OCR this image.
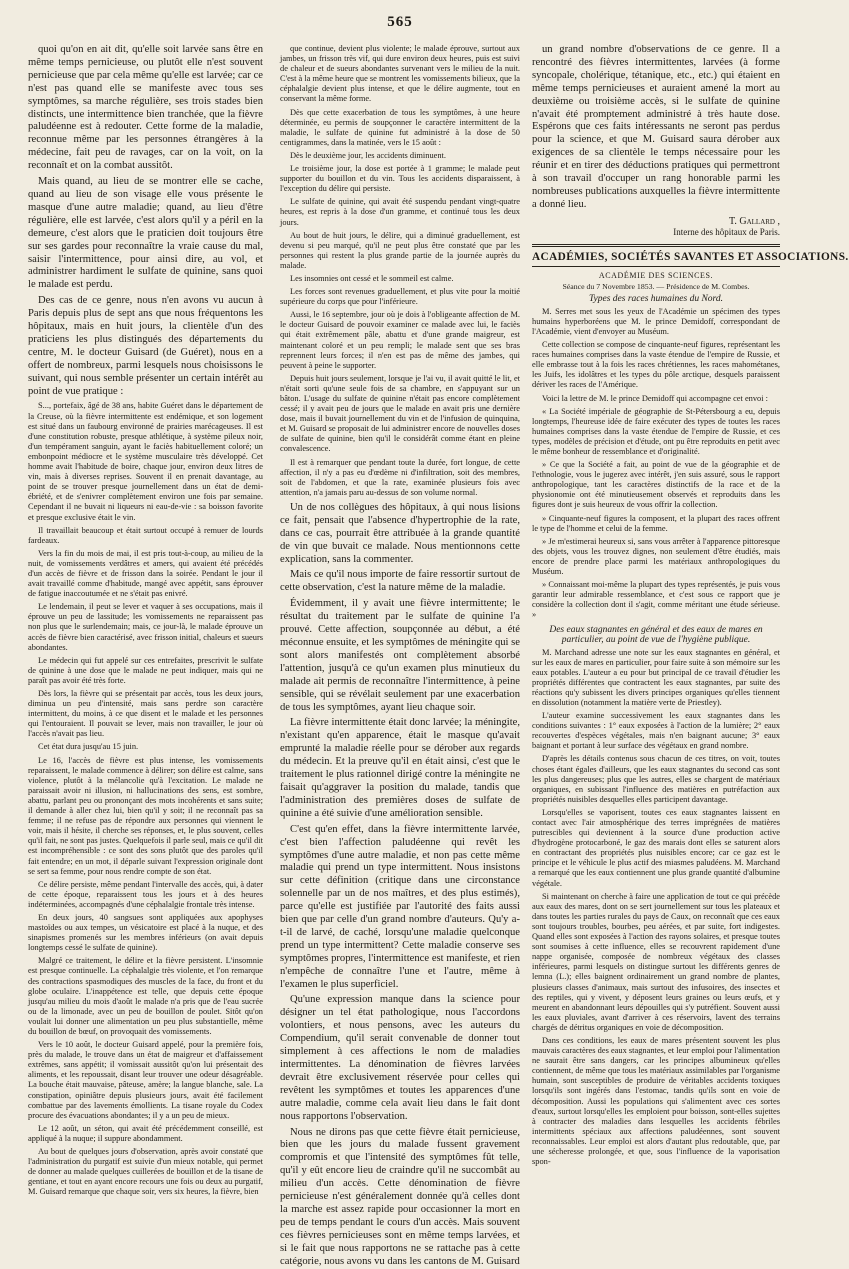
565

quoi qu'on en ait dit, qu'elle soit larvée sans être en même temps pernicieuse, ou plutôt elle n'est souvent pernicieuse que par cela même qu'elle est larvée; car ce n'est pas quand elle se manifeste avec tous ses symptômes, sa marche régulière, ses trois stades bien distincts, une intermittence bien tranchée, que la fièvre paludéenne est à redouter. Cette forme de la maladie, reconnue même par les personnes étrangères à la médecine, fait peu de ravages, car on la voit, on la reconnaît et on la combat aussitôt.

Mais quand, au lieu de se montrer elle se cache, quand au lieu de son visage elle vous présente le masque d'une autre maladie; quand, au lieu d'être régulière, elle est larvée, c'est alors qu'il y a péril en la demeure, c'est alors que le praticien doit toujours être sur ses gardes pour reconnaître la vraie cause du mal, saisir l'intermittence, pour ainsi dire, au vol, et administrer hardiment le sulfate de quinine, sans quoi le malade est perdu.

Des cas de ce genre, nous n'en avons vu aucun à Paris depuis plus de sept ans que nous fréquentons les hôpitaux, mais en huit jours, la clientèle d'un des praticiens les plus distingués des départements du centre, M. le docteur Guisard (de Guéret), nous en a offert de nombreux, parmi lesquels nous choisissons le suivant, qui nous semble présenter un certain intérêt au point de vue pratique :

S..., portefaix, âgé de 38 ans, habite Guéret dans le département de la Creuse, où la fièvre intermittente est endémique, et son logement est situé dans un faubourg environné de prairies marécageuses. Il est d'une constitution robuste, presque athlétique, à système pileux noir, d'un tempérament sanguin, ayant le faciès habituellement coloré; un embonpoint médiocre et le système musculaire très développé. Cet homme avait l'habitude de boire, chaque jour, environ deux litres de vin, mais à diverses reprises. Souvent il en prenait davantage, au point de se trouver presque journellement dans un état de demi-ébriété, et de s'enivrer complètement environ une fois par semaine. Cependant il ne buvait ni liqueurs ni eau-de-vie : sa boisson favorite et presque exclusive était le vin.

Il travaillait beaucoup et était surtout occupé à remuer de lourds fardeaux.

Vers la fin du mois de mai, il est pris tout-à-coup, au milieu de la nuit, de vomissements verdâtres et amers, qui avaient été précédés d'un accès de fièvre et de frisson dans la soirée. Pendant le jour il avait travaillé comme d'habitude, mangé avec appétit, sans éprouver de fatigue inaccoutumée et ne s'était pas enivré.

Le lendemain, il peut se lever et vaquer à ses occupations, mais il éprouve un peu de lassitude; les vomissements ne reparaissent pas non plus que le surlendemain; mais, ce jour-là, le malade éprouve un accès de fièvre bien caractérisé, avec frisson initial, chaleurs et sueurs abondantes.

Le médecin qui fut appelé sur ces entrefaites, prescrivit le sulfate de quinine à une dose que le malade ne peut indiquer, mais qui ne paraît pas avoir été très forte.

Dès lors, la fièvre qui se présentait par accès, tous les deux jours, diminua un peu d'intensité, mais sans perdre son caractère intermittent, du moins, à ce que disent et le malade et les personnes qui l'entouraient. Il pouvait se lever, mais non travailler, le jour où l'accès n'avait pas lieu.

Cet état dura jusqu'au 15 juin.

Le 16, l'accès de fièvre est plus intense, les vomissements reparaissent, le malade commence à délirer; son délire est calme, sans violence, plutôt à la mélancolie qu'à l'excitation. Le malade ne paraissait avoir ni illusion, ni hallucinations des sens, est sombre, abattu, parlant peu ou prononçant des mots incohérents et sans suite; il demande à aller chez lui, bien qu'il y soit; il ne reconnaît pas sa femme; il ne refuse pas de répondre aux personnes qui viennent le voir, mais il hésite, il cherche ses réponses, et, le plus souvent, celles qu'il fait, ne sont pas justes. Quelquefois il parle seul, mais ce qu'il dit est incompréhensible : ce sont des sons plutôt que des paroles qu'il fait entendre; en un mot, il déparle suivant l'expression originale dont se sert sa femme, pour nous rendre compte de son état.

Ce délire persiste, même pendant l'intervalle des accès, qui, à dater de cette époque, reparaissent tous les jours et à des heures indéterminées, accompagnés d'une céphalalgie frontale très intense.

En deux jours, 40 sangsues sont appliquées aux apophyses mastoïdes ou aux tempes, un vésicatoire est placé à la nuque, et des sinapismes promenés sur les membres inférieurs (on avait depuis longtemps cessé le sulfate de quinine).

Malgré ce traitement, le délire et la fièvre persistent. L'insomnie est presque continuelle. La céphalalgie très violente, et l'on remarque des contractions spasmodiques des muscles de la face, du front et du globe oculaire. L'inappétence est telle, que depuis cette époque jusqu'au milieu du mois d'août le malade n'a pris que de l'eau sucrée ou de la limonade, avec un peu de bouillon de poulet. Sitôt qu'on voulait lui donner une alimentation un peu plus substantielle, même du bouillon de bœuf, on provoquait des vomissements.

Vers le 10 août, le docteur Guisard appelé, pour la première fois, près du malade, le trouve dans un état de maigreur et d'affaissement extrêmes, sans appétit; il vomissait aussitôt qu'on lui présentait des aliments, et les repoussait, disant leur trouver une odeur désagréable. La bouche était mauvaise, pâteuse, amère; la langue blanche, sale. La constipation, opiniâtre depuis plusieurs jours, avait été facilement combattue par des lavements émollients. La tisane royale du Codex procure des évacuations abondantes; il y a un peu de mieux.

Le 12 août, un séton, qui avait été précédemment conseillé, est appliqué à la nuque; il suppure abondamment.

Au bout de quelques jours d'observation, après avoir constaté que l'administration du purgatif est suivie d'un mieux notable, qui permet de donner au malade quelques cuillerées de bouillon et de la tisane de gentiane, et tout en ayant encore recours une fois ou deux au purgatif, M. Guisard remarque que chaque soir, vers six heures, la fièvre, bien

que continue, devient plus violente; le malade éprouve, surtout aux jambes, un frisson très vif, qui dure environ deux heures, puis est suivi de chaleur et de sueurs abondantes survenant vers le milieu de la nuit. C'est à la même heure que se montrent les vomissements bilieux, que la céphalalgie devient plus intense, et que le délire augmente, tout en conservant la même forme.

Dès que cette exacerbation de tous les symptômes, à une heure déterminée, eu permis de soupçonner le caractère intermittent de la maladie, le sulfate de quinine fut administré à la dose de 50 centigrammes, dans la matinée, vers le 15 août :

Dès le deuxième jour, les accidents diminuent.

Le troisième jour, la dose est portée à 1 gramme; le malade peut supporter du bouillon et du vin. Tous les accidents disparaissent, à l'exception du délire qui persiste.

Le sulfate de quinine, qui avait été suspendu pendant vingt-quatre heures, est repris à la dose d'un gramme, et continué tous les deux jours.

Au bout de huit jours, le délire, qui a diminué graduellement, est devenu si peu marqué, qu'il ne peut plus être constaté que par les personnes qui restent la plus grande partie de la journée auprès du malade.

Les insomnies ont cessé et le sommeil est calme.

Les forces sont revenues graduellement, et plus vite pour la moitié supérieure du corps que pour l'inférieure.

Aussi, le 16 septembre, jour où je dois à l'obligeante affection de M. le docteur Guisard de pouvoir examiner ce malade avec lui, le faciès qui était extrêmement pâle, abattu et d'une grande maigreur, est maintenant coloré et un peu rempli; le malade sent que ses bras reprennent leurs forces; il n'en est pas de même des jambes, qui peuvent à peine le supporter.

Depuis huit jours seulement, lorsque je l'ai vu, il avait quitté le lit, et n'était sorti qu'une seule fois de sa chambre, en s'appuyant sur un bâton. L'usage du sulfate de quinine n'était pas encore complètement cessé; il y avait peu de jours que le malade en avait pris une dernière dose, mais il buvait journellement du vin et de l'infusion de quinquina, et M. Guisard se proposait de lui administrer encore de nouvelles doses de sulfate de quinine, bien qu'il le considérât comme étant en pleine convalescence.

Il est à remarquer que pendant toute la durée, fort longue, de cette affection, il n'y a pas eu d'œdème ni d'infiltration, soit des membres, soit de l'abdomen, et que la rate, examinée plusieurs fois avec attention, n'a jamais paru au-dessus de son volume normal.

Un de nos collègues des hôpitaux, à qui nous lisions ce fait, pensait que l'absence d'hypertrophie de la rate, dans ce cas, pourrait être attribuée à la grande quantité de vin que buvait ce malade. Nous mentionnons cette explication, sans la commenter.

Mais ce qu'il nous importe de faire ressortir surtout de cette observation, c'est la nature même de la maladie.

Évidemment, il y avait une fièvre intermittente; le résultat du traitement par le sulfate de quinine l'a prouvé. Cette affection, soupçonnée au début, a été méconnue ensuite, et les symptômes de méningite qui se sont alors manifestés ont complètement absorbé l'attention, jusqu'à ce qu'un examen plus minutieux du malade ait permis de reconnaître l'intermittence, à peine sensible, qui se révélait seulement par une exacerbation de tous les symptômes, ayant lieu chaque soir.

La fièvre intermittente était donc larvée; la méningite, n'existant qu'en apparence, était le masque qu'avait emprunté la maladie réelle pour se dérober aux regards du médecin. Et la preuve qu'il en était ainsi, c'est que le traitement le plus rationnel dirigé contre la méningite ne faisait qu'aggraver la position du malade, tandis que l'administration des premières doses de sulfate de quinine a été suivie d'une amélioration sensible.

C'est qu'en effet, dans la fièvre intermittente larvée, c'est bien l'affection paludéenne qui revêt les symptômes d'une autre maladie, et non pas cette même maladie qui prend un type intermittent. Nous insistons sur cette définition (critique dans une circonstance solennelle par un de nos maîtres, et des plus estimés), parce qu'elle est justifiée par l'autorité des faits aussi bien que par celle d'un grand nombre d'auteurs. Qu'y a-t-il de larvé, de caché, lorsqu'une maladie quelconque prend un type intermittent? Cette maladie conserve ses symptômes propres, l'intermittence est manifeste, et rien n'empêche de connaître l'une et l'autre, même à l'examen le plus superficiel.

Qu'une expression manque dans la science pour désigner un tel état pathologique, nous l'accordons volontiers, et nous pensons, avec les auteurs du Compendium, qu'il serait convenable de donner tout simplement à ces affections le nom de maladies intermittentes. La dénomination de fièvres larvées devrait être exclusivement réservée pour celles qui revêtent les symptômes et toutes les apparences d'une autre maladie, comme cela avait lieu dans le fait dont nous rapportons l'observation.

Nous ne dirons pas que cette fièvre était pernicieuse, bien que les jours du malade fussent gravement compromis et que l'intensité des symptômes fût telle, qu'il y eût encore lieu de craindre qu'il ne succombât au milieu d'un accès. Cette dénomination de fièvre pernicieuse n'est généralement donnée qu'à celles dont la marche est assez rapide pour occasionner la mort en peu de temps pendant le cours d'un accès. Mais souvent ces fièvres pernicieuses sont en même temps larvées, et si le fait que nous rapportons ne se rattache pas à cette catégorie, nous avons vu dans les cantons de M. Guisard

un grand nombre d'observations de ce genre. Il a rencontré des fièvres intermittentes, larvées (à forme syncopale, cholérique, tétanique, etc., etc.) qui étaient en même temps pernicieuses et auraient amené la mort au deuxième ou troisième accès, si le sulfate de quinine n'avait été promptement administré à très haute dose. Espérons que ces faits intéressants ne seront pas perdus pour la science, et que M. Guisard saura dérober aux exigences de sa clientèle le temps nécessaire pour les réunir et en tirer des déductions pratiques qui permettront à son travail d'occuper un rang honorable parmi les nombreuses publications auxquelles la fièvre intermittente a donné lieu.

T. Gallard ,
Interne des hôpitaux de Paris.
ACADÉMIES, SOCIÉTÉS SAVANTES ET ASSOCIATIONS.
ACADÉMIE DES SCIENCES.
Séance du 7 Novembre 1853. — Présidence de M. Combes.
Types des races humaines du Nord.

M. Serres met sous les yeux de l'Académie un spécimen des types humains hyperboréens que M. le prince Demidoff, correspondant de l'Académie, vient d'envoyer au Muséum.

Cette collection se compose de cinquante-neuf figures, représentant les races humaines comprises dans la vaste étendue de l'empire de Russie, et elle embrasse tout à la fois les races chrétiennes, les races mahométanes, les Juifs, les idolâtres et les types du pôle arctique, desquels paraissent dériver les races de l'Amérique.

Voici la lettre de M. le prince Demidoff qui accompagne cet envoi :

« La Société impériale de géographie de St-Pétersbourg a eu, depuis longtemps, l'heureuse idée de faire exécuter des types de toutes les races humaines comprises dans la vaste étendue de l'empire de Russie, et ces types, modèles de précision et d'étude, ont pu être reproduits en petit avec le même bonheur de ressemblance et d'originalité.

» Ce que la Société a fait, au point de vue de la géographie et de l'ethnologie, vous le jugerez avec intérêt, j'en suis assuré, sous le rapport anthropologique, tant les caractères distinctifs de la race et de la physionomie ont été minutieusement observés et reproduits dans les figures dont je suis heureux de vous offrir la collection.

» Cinquante-neuf figures la composent, et la plupart des races offrent le type de l'homme et celui de la femme.

» Je m'estimerai heureux si, sans vous arrêter à l'apparence pittoresque des objets, vous les trouvez dignes, non seulement d'être étudiés, mais encore de prendre place parmi les matériaux anthropologiques du Muséum.

» Connaissant moi-même la plupart des types représentés, je puis vous garantir leur admirable ressemblance, et c'est sous ce rapport que je considère la collection dont il s'agit, comme méritant une étude sérieuse. »

Des eaux stagnantes en général et des eaux de mares en particulier, au point de vue de l'hygiène publique.

M. Marchand adresse une note sur les eaux stagnantes en général, et sur les eaux de mares en particulier, pour faire suite à son mémoire sur les eaux potables. L'auteur a eu pour but principal de ce travail d'étudier les propriétés différentes que contractent les eaux stagnantes, par suite des réactions qu'y subissent les divers principes organiques qu'elles tiennent en dissolution (notamment la matière verte de Priestley).

L'auteur examine successivement les eaux stagnantes dans les conditions suivantes : 1° eaux exposées à l'action de la lumière; 2° eaux recouvertes d'espèces végétales, mais n'en baignant aucune; 3° eaux baignant et portant à leur surface des végétaux en grand nombre.

D'après les détails contenus sous chacun de ces titres, on voit, toutes choses étant égales d'ailleurs, que les eaux stagnantes du second cas sont les plus dangereuses; plus que les autres, elles se chargent de matériaux organiques, en subissant l'influence des matières en putréfaction aux propriétés nuisibles desquelles elles participent davantage.

Lorsqu'elles se vaporisent, toutes ces eaux stagnantes laissent en contact avec l'air atmosphérique des terres imprégnées de matières putrescibles qui deviennent à la source d'une production active d'hydrogène protocarboné, le gaz des marais dont elles se saturent alors en contractant des propriétés plus nuisibles encore; car ce gaz est le principe et le véhicule le plus actif des miasmes paludéens. M. Marchand a remarqué que les eaux contiennent une plus grande quantité d'albumine végétale.

Si maintenant on cherche à faire une application de tout ce qui précède aux eaux des mares, dont on se sert journellement sur tous les plateaux et dans toutes les parties rurales du pays de Caux, on reconnaît que ces eaux sont toujours troubles, bourbes, peu aérées, et par suite, fort indigestes. Quand elles sont exposées à l'action des rayons solaires, et presque toutes sont soumises à cette influence, elles se recouvrent rapidement d'une nappe organisée, composée de nombreux végétaux des classes inférieures, parmi lesquels on distingue surtout les différents genres de lemna (L.); elles baignent ordinairement un grand nombre de plantes, plusieurs classes d'animaux, mais surtout des infusoires, des insectes et des reptiles, qui y vivent, y déposent leurs graines ou leurs œufs, et y meurent en abandonnant leurs dépouilles qui s'y putréfient. Souvent aussi les eaux pluviales, avant d'arriver à ces réservoirs, lavent des terrains chargés de détritus organiques en voie de décomposition.

Dans ces conditions, les eaux de mares présentent souvent les plus mauvais caractères des eaux stagnantes, et leur emploi pour l'alimentation ne saurait être sans dangers, car les principes albumineux qu'elles contiennent, de même que tous les matériaux assimilables par l'organisme humain, sont susceptibles de produire de véritables accidents toxiques lorsqu'ils sont ingérés dans l'estomac, tandis qu'ils sont en voie de décomposition. Aussi les populations qui s'alimentent avec ces sortes d'eaux, surtout lorsqu'elles les emploient pour boisson, sont-elles sujettes à contracter des maladies dans lesquelles les accidents fébriles intermittents spéciaux aux affections paludéennes, sont souvent reconnaissables. Leur emploi est alors d'autant plus redoutable, que, par une sécheresse prolongée, et que, sous l'influence de la vaporisation spon-
